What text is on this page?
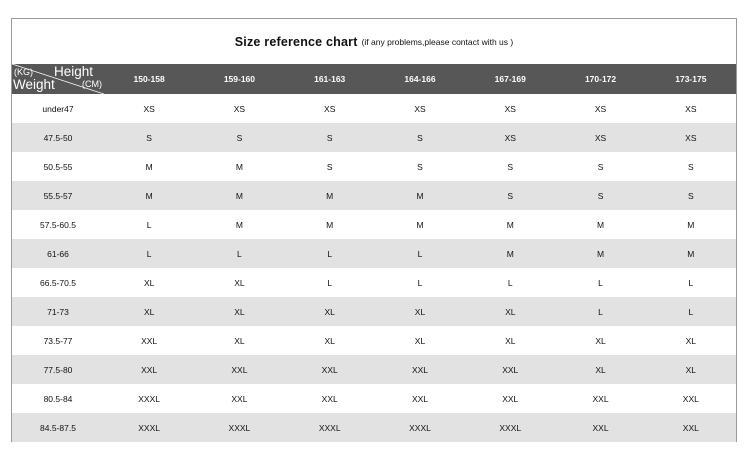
Size reference chart (if any problems,please contact with us )
(KG) Height
Weight (CM)	150-158	159-160	161-163	164-166	167-169	170-172	173-175
under47	XS	XS	XS	XS	XS	XS	XS
47.5-50	S	S	S	S	XS	XS	XS
50.5-55	M	M	S	S	S	S	S
55.5-57	M	M	M	M	S	S	S
57.5-60.5	L	M	M	M	M	M	M
61-66	L	L	L	L	M	M	M
66.5-70.5	XL	XL	L	L	L	L	L
71-73	XL	XL	XL	XL	XL	L	L
73.5-77	XXL	XL	XL	XL	XL	XL	XL
77.5-80	XXL	XXL	XXL	XXL	XXL	XL	XL
80.5-84	XXXL	XXL	XXL	XXL	XXL	XXL	XXL
84.5-87.5	XXXL	XXXL	XXXL	XXXL	XXXL	XXL	XXL
